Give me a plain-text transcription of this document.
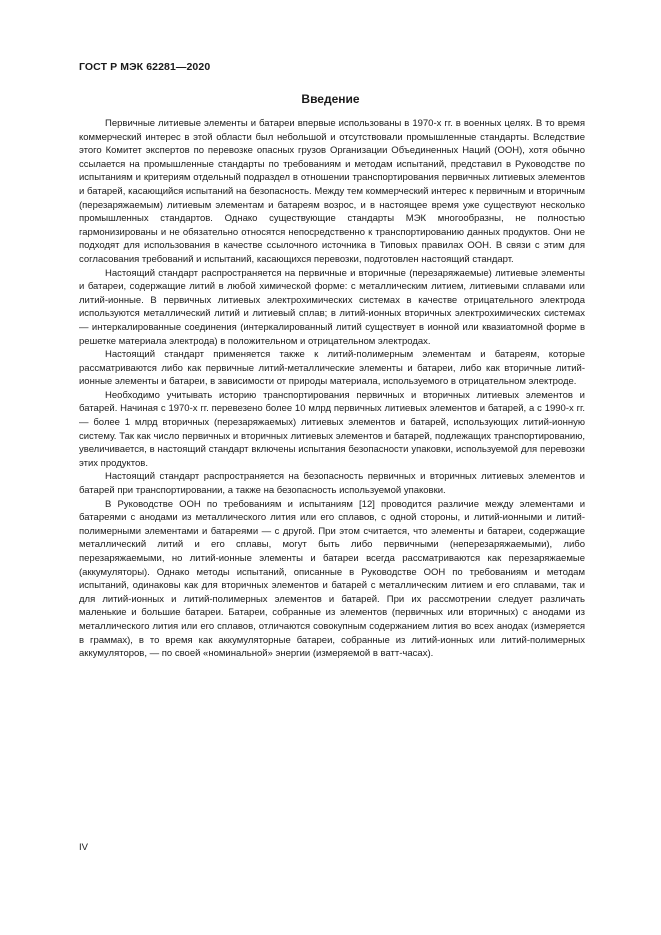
ГОСТ Р МЭК 62281—2020
Введение

Первичные литиевые элементы и батареи впервые использованы в 1970-х гг. в военных целях. В то время коммерческий интерес в этой области был небольшой и отсутствовали промышленные стандарты. Вследствие этого Комитет экспертов по перевозке опасных грузов Организации Объединенных Наций (ООН), хотя обычно ссылается на промышленные стандарты по требованиям и методам испытаний, представил в Руководстве по испытаниям и критериям отдельный подраздел в отношении транспортирования первичных литиевых элементов и батарей, касающийся испытаний на безопасность. Между тем коммерческий интерес к первичным и вторичным (перезаряжаемым) литиевым элементам и батареям возрос, и в настоящее время уже существуют несколько промышленных стандартов. Однако существующие стандарты МЭК многообразны, не полностью гармонизированы и не обязательно относятся непосредственно к транспортированию данных продуктов. Они не подходят для использования в качестве ссылочного источника в Типовых правилах ООН. В связи с этим для согласования требований и испытаний, касающихся перевозки, подготовлен настоящий стандарт.

Настоящий стандарт распространяется на первичные и вторичные (перезаряжаемые) литиевые элементы и батареи, содержащие литий в любой химической форме: с металлическим литием, литиевыми сплавами или литий-ионные. В первичных литиевых электрохимических системах в качестве отрицательного электрода используются металлический литий и литиевый сплав; в литий-ионных вторичных электрохимических системах — интеркалированные соединения (интеркалированный литий существует в ионной или квазиатомной форме в решетке материала электрода) в положительном и отрицательном электродах.

Настоящий стандарт применяется также к литий-полимерным элементам и батареям, которые рассматриваются либо как первичные литий-металлические элементы и батареи, либо как вторичные литий-ионные элементы и батареи, в зависимости от природы материала, используемого в отрицательном электроде.

Необходимо учитывать историю транспортирования первичных и вторичных литиевых элементов и батарей. Начиная с 1970-х гг. перевезено более 10 млрд первичных литиевых элементов и батарей, а с 1990-х гг. — более 1 млрд вторичных (перезаряжаемых) литиевых элементов и батарей, использующих литий-ионную систему. Так как число первичных и вторичных литиевых элементов и батарей, подлежащих транспортированию, увеличивается, в настоящий стандарт включены испытания безопасности упаковки, используемой для перевозки этих продуктов.

Настоящий стандарт распространяется на безопасность первичных и вторичных литиевых элементов и батарей при транспортировании, а также на безопасность используемой упаковки.

В Руководстве ООН по требованиям и испытаниям [12] проводится различие между элементами и батареями с анодами из металлического лития или его сплавов, с одной стороны, и литий-ионными и литий-полимерными элементами и батареями — с другой. При этом считается, что элементы и батареи, содержащие металлический литий и его сплавы, могут быть либо первичными (неперезаряжаемыми), либо перезаряжаемыми, но литий-ионные элементы и батареи всегда рассматриваются как перезаряжаемые (аккумуляторы). Однако методы испытаний, описанные в Руководстве ООН по требованиям и методам испытаний, одинаковы как для вторичных элементов и батарей с металлическим литием и его сплавами, так и для литий-ионных и литий-полимерных элементов и батарей. При их рассмотрении следует различать маленькие и большие батареи. Батареи, собранные из элементов (первичных или вторичных) с анодами из металлического лития или его сплавов, отличаются совокупным содержанием лития во всех анодах (измеряется в граммах), в то время как аккумуляторные батареи, собранные из литий-ионных или литий-полимерных аккумуляторов, — по своей «номинальной» энергии (измеряемой в ватт-часах).

IV
